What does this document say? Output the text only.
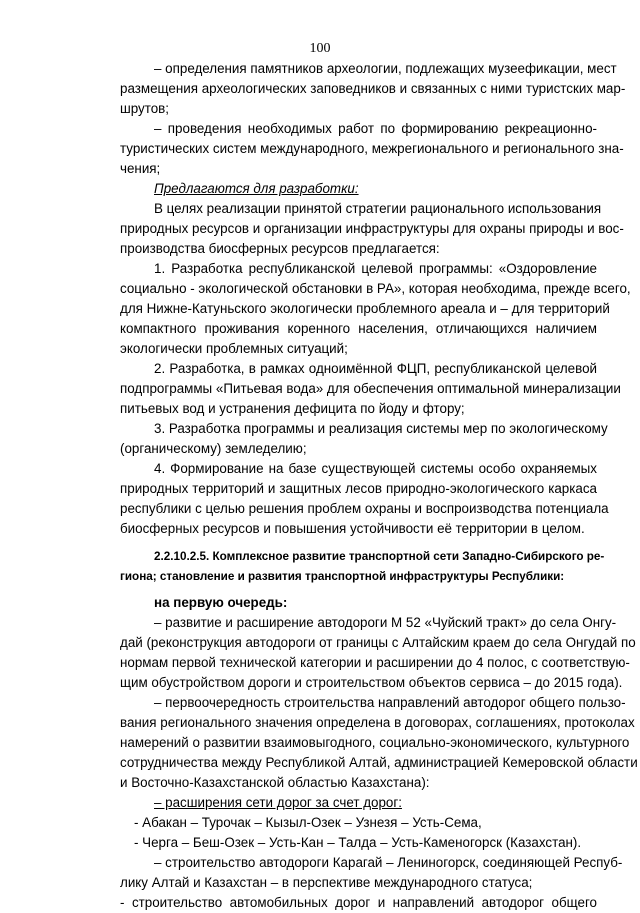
100
– определения памятников археологии, подлежащих музеефикации, мест
размещения археологических заповедников и связанных с ними туристских мар-
шрутов;
– проведения необходимых работ по формированию рекреационно-
туристических систем международного, межрегионального и регионального зна-
чения;
Предлагаются для разработки:
В целях реализации принятой стратегии рационального использования
природных ресурсов и организации инфраструктуры для охраны природы и вос-
производства биосферных ресурсов предлагается:
1. Разработка республиканской целевой программы: «Оздоровление
социально - экологической обстановки в РА», которая необходима, прежде всего,
для Нижне-Катуньского экологически проблемного ареала и – для территорий
компактного проживания коренного населения, отличающихся наличием
экологически проблемных ситуаций;
2. Разработка, в рамках одноимённой ФЦП, республиканской целевой
подпрограммы «Питьевая вода» для обеспечения оптимальной минерализации
питьевых вод и устранения дефицита по йоду и фтору;
3. Разработка программы и реализация системы мер по экологическому
(органическому) земледелию;
4. Формирование на базе существующей системы особо охраняемых
природных территорий и защитных лесов природно-экологического каркаса
республики с целью решения проблем охраны и воспроизводства потенциала
биосферных ресурсов и повышения устойчивости её территории в целом.
2.2.10.2.5. Комплексное развитие транспортной сети Западно-Сибирского ре-
гиона; становление и развития транспортной инфраструктуры Республики:
на первую очередь:
– развитие и расширение автодороги М 52 «Чуйский тракт» до села Онгу-
дай (реконструкция автодороги от границы с Алтайским краем до села Онгудай по
нормам первой технической категории и расширении до 4 полос, с соответствую-
щим обустройством дороги и строительством объектов сервиса – до 2015 года).
– первоочередность строительства направлений автодорог общего пользо-
вания регионального значения определена в договорах, соглашениях, протоколах
намерений о развитии взаимовыгодного, социально-экономического, культурного
сотрудничества между Республикой Алтай, администрацией Кемеровской области
и Восточно-Казахстанской областью Казахстана):
– расширения сети дорог за счет дорог:
- Абакан – Турочак – Кызыл-Озек – Узнезя – Усть-Сема,
- Черга – Беш-Озек – Усть-Кан – Талда – Усть-Каменогорск (Казахстан).
– строительство автодороги Карагай – Лениногорск, соединяющей Респуб-
лику Алтай и Казахстан – в перспективе международного статуса;
- строительство автомобильных дорог и направлений автодорог общего
